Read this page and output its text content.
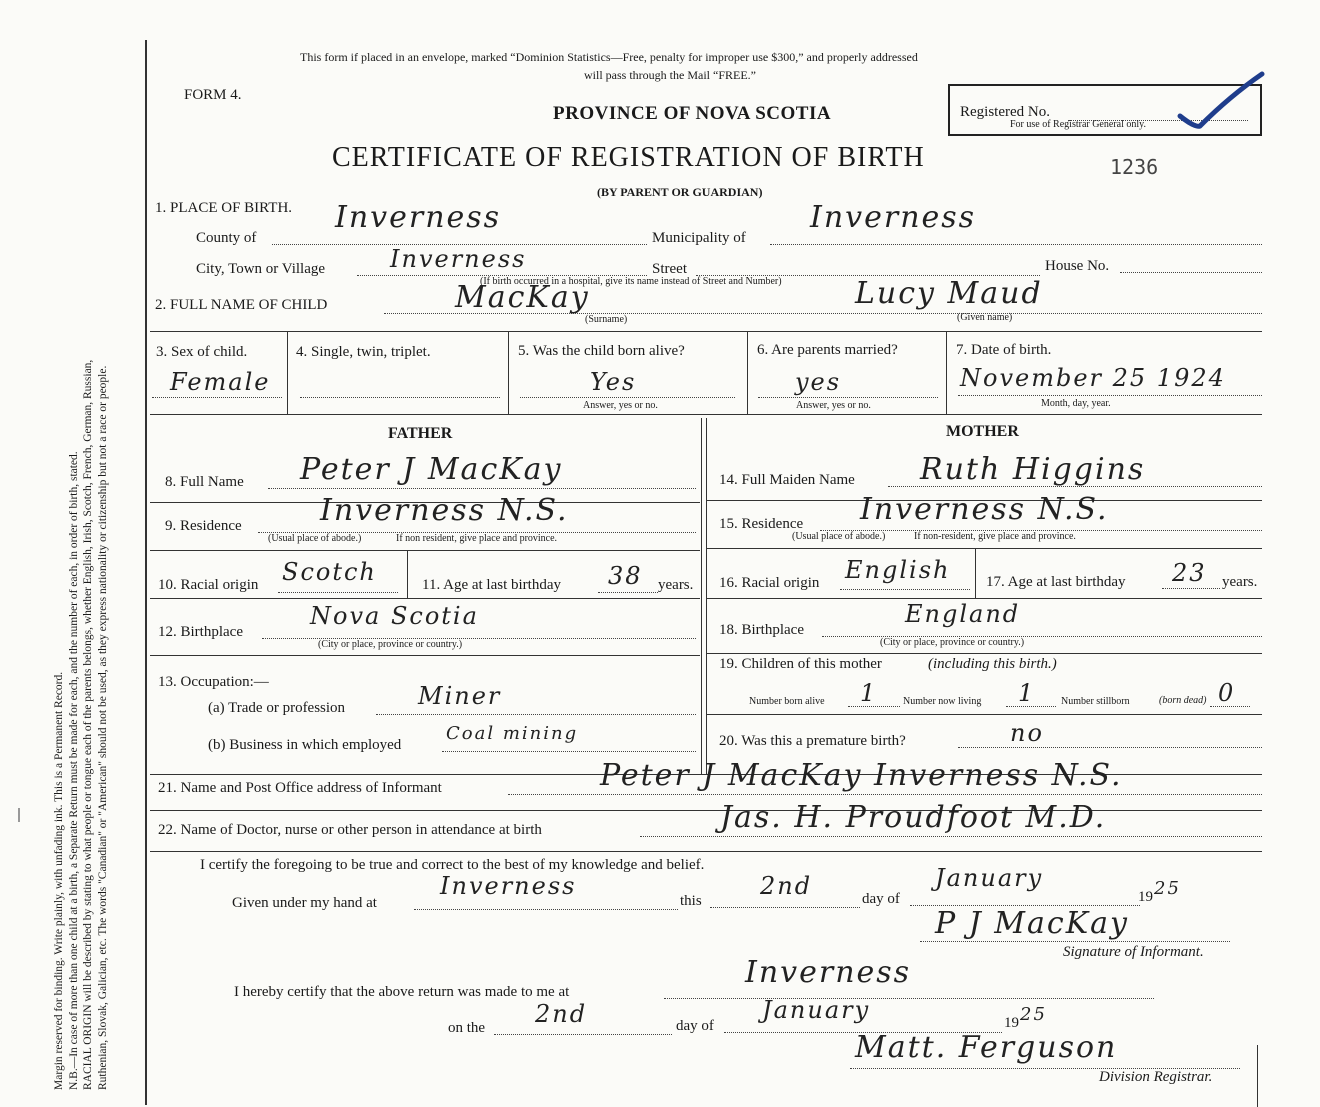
Margin reserved for binding. Write plainly, with unfading ink. This is a Permanent Record. N.B.—In case of more than one child at a birth, a Separate Return must be made for each, and the number of each, in order of birth, stated. RACIAL ORIGIN will be described by stating to what people or tongue each of the parents belongs, whether English, Irish, Scotch, French, German, Russian, Ruthenian, Slovak, Galician, etc. The words "Canadian" or "American" should not be used, as they express nationality or citizenship but not a race or people.
This form if placed in an envelope, marked “Dominion Statistics—Free, penalty for improper use $300,” and properly addressed
will pass through the Mail “FREE.”
FORM 4.
PROVINCE OF NOVA SCOTIA
CERTIFICATE OF REGISTRATION OF BIRTH
(BY PARENT OR GUARDIAN)
1236
Registered No.
For use of Registrar General only.
1. PLACE OF BIRTH.
County of
Inverness
Municipality of
Inverness
City, Town or Village	Inverness	Street	House No.
(If birth occurred in a hospital, give its name instead of Street and Number)
2. FULL NAME OF CHILD	MacKay
(Surname)
Lucy Maud
(Given name)
3. Sex of child.
Female
4. Single, twin, triplet.	5. Was the child born alive?
Yes
Answer, yes or no.
6. Are parents married?
yes
Answer, yes or no.
7. Date of birth.
November 25 1924
Month, day, year.
FATHER	MOTHER
8. Full Name Peter J MacKay
9. Residence	Inverness N.S.
(Usual place of abode.)	If non resident, give place and province.
10. Racial origin Scotch	11. Age at last birthday 38 years.
12. Birthplace
Nova Scotia
(City or place, province or country.)
13. Occupation:—
(a) Trade or profession	Miner
(b) Business in which employed
Coal mining
14. Full Maiden Name Ruth Higgins
15. Residence Inverness N.S.
(Usual place of abode.)	If non-resident, give place and province.
16. Racial origin English 17. Age at last birthday 23 years.
18. Birthplace
England
(City or place, province or country.)
19. Children of this mother	(including this birth.)
Number born alive 1	Number now living 1	Number stillborn	(born dead) 0
20. Was this a premature birth?	no
21. Name and Post Office address of Informant	Peter J MacKay Inverness N.S.
22. Name of Doctor, nurse or other person in attendance at birth	Jas. H. Proudfoot M.D.
I certify the foregoing to be true and correct to the best of my knowledge and belief.
Given under my hand at
Inverness
this
2nd	day of
January
19 25
P J MacKay
Signature of Informant.
I hereby certify that the above return was made to me at
Inverness
on the 2nd	day of
January	19 25
Matt. Ferguson
Division Registrar.
